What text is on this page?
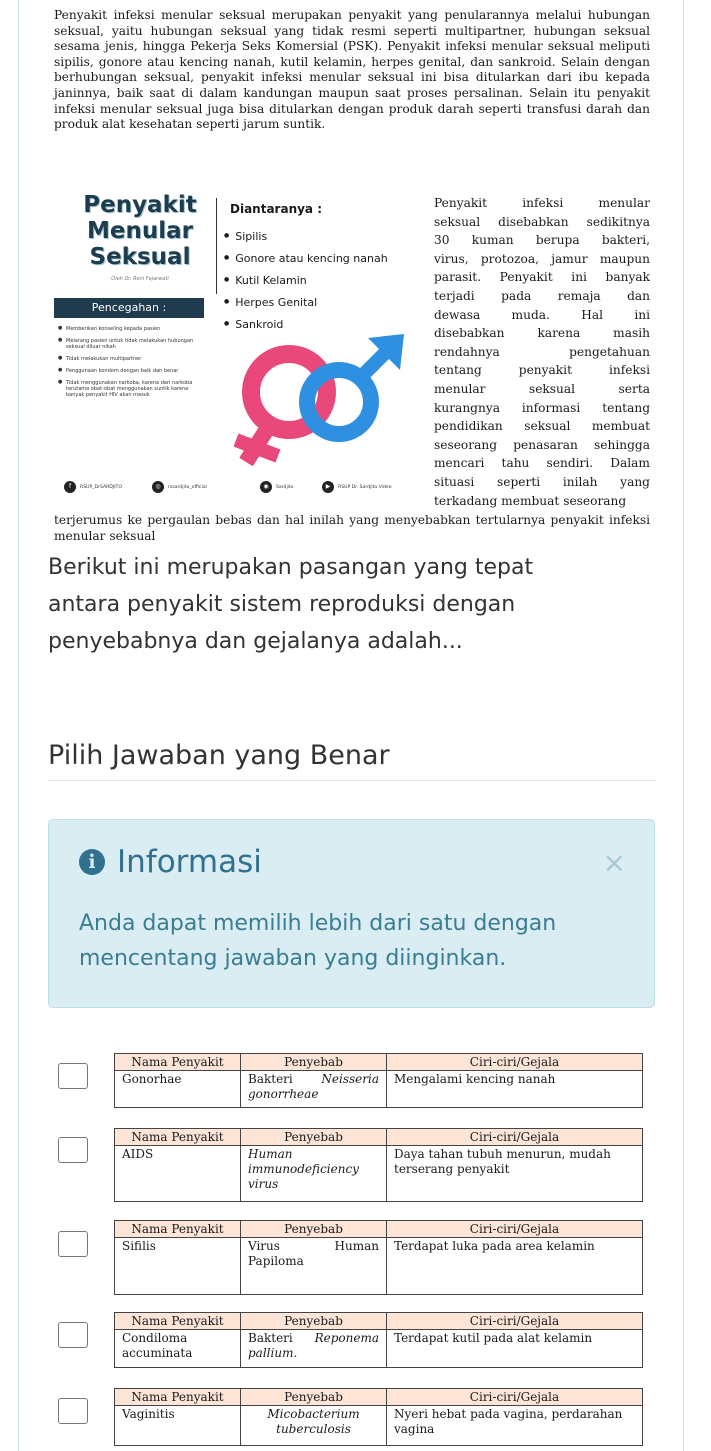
Penyakit infeksi menular seksual merupakan penyakit yang penularannya melalui hubungan seksual, yaitu hubungan seksual yang tidak resmi seperti multipartner, hubungan seksual sesama jenis, hingga Pekerja Seks Komersial (PSK). Penyakit infeksi menular seksual meliputi sipilis, gonore atau kencing nanah, kutil kelamin, herpes genital, dan sankroid. Selain dengan berhubungan seksual, penyakit infeksi menular seksual ini bisa ditularkan dari ibu kepada janinnya, baik saat di dalam kandungan maupun saat proses persalinan. Selain itu penyakit infeksi menular seksual juga bisa ditularkan dengan produk darah seperti transfusi darah dan produk alat kesehatan seperti jarum suntik.

Penyakit
Menular
Seksual
Oleh Dr. Reni Fajarwati
Pencegahan :
● Memberikan konseling kepada pasien
● Melarang pasien untuk tidak melakukan hubungan seksual diluar nikah
● Tidak melakukan multipartner
● Penggunaan kondom dengan baik dan benar
● Tidak menggunakan narkoba, karena dari narkoba terutama obat-obat menggunakan suntik karena banyak penyakit HIV akan masuk
Diantaranya :
● Sipilis
● Gonore atau kencing nanah
● Kutil Kelamin
● Herpes Genital
● Sankroid
f	RSUP_DrSARDJITO	◎	rssardjito_official	◉	Sardjito	▶	RSUP Dr. Sardjito Video
Penyakit infeksi menular
seksual disebabkan sedikitnya
30 kuman berupa bakteri,
virus, protozoa, jamur maupun
parasit. Penyakit ini banyak
terjadi pada remaja dan
dewasa muda. Hal ini
disebabkan karena masih
rendahnya pengetahuan
tentang penyakit infeksi
menular seksual serta
kurangnya informasi tentang
pendidikan seksual membuat
seseorang penasaran sehingga
mencari tahu sendiri. Dalam
situasi seperti inilah yang
terkadang membuat seseorang

terjerumus ke pergaulan bebas dan hal inilah yang menyebabkan tertularnya penyakit infeksi menular seksual

Berikut ini merupakan pasangan yang tepat antara penyakit sistem reproduksi dengan penyebabnya dan gejalanya adalah...

Pilih Jawaban yang Benar
i Informasi	×
Anda dapat memilih lebih dari satu dengan mencentang jawaban yang diinginkan.
Nama Penyakit	Penyebab	Ciri-ciri/Gejala
Gonorhae	Bakteri Neisseria gonorrheae	Mengalami kencing nanah
Nama Penyakit	Penyebab	Ciri-ciri/Gejala
AIDS	Human immunodeficiency virus	Daya tahan tubuh menurun, mudah terserang penyakit
Nama Penyakit	Penyebab	Ciri-ciri/Gejala
Sifilis	Virus Human Papiloma	Terdapat luka pada area kelamin
Nama Penyakit	Penyebab	Ciri-ciri/Gejala
Condiloma accuminata	Bakteri Reponema pallium.	Terdapat kutil pada alat kelamin
Nama Penyakit	Penyebab	Ciri-ciri/Gejala
Vaginitis	Micobacterium tuberculosis	Nyeri hebat pada vagina, perdarahan vagina
